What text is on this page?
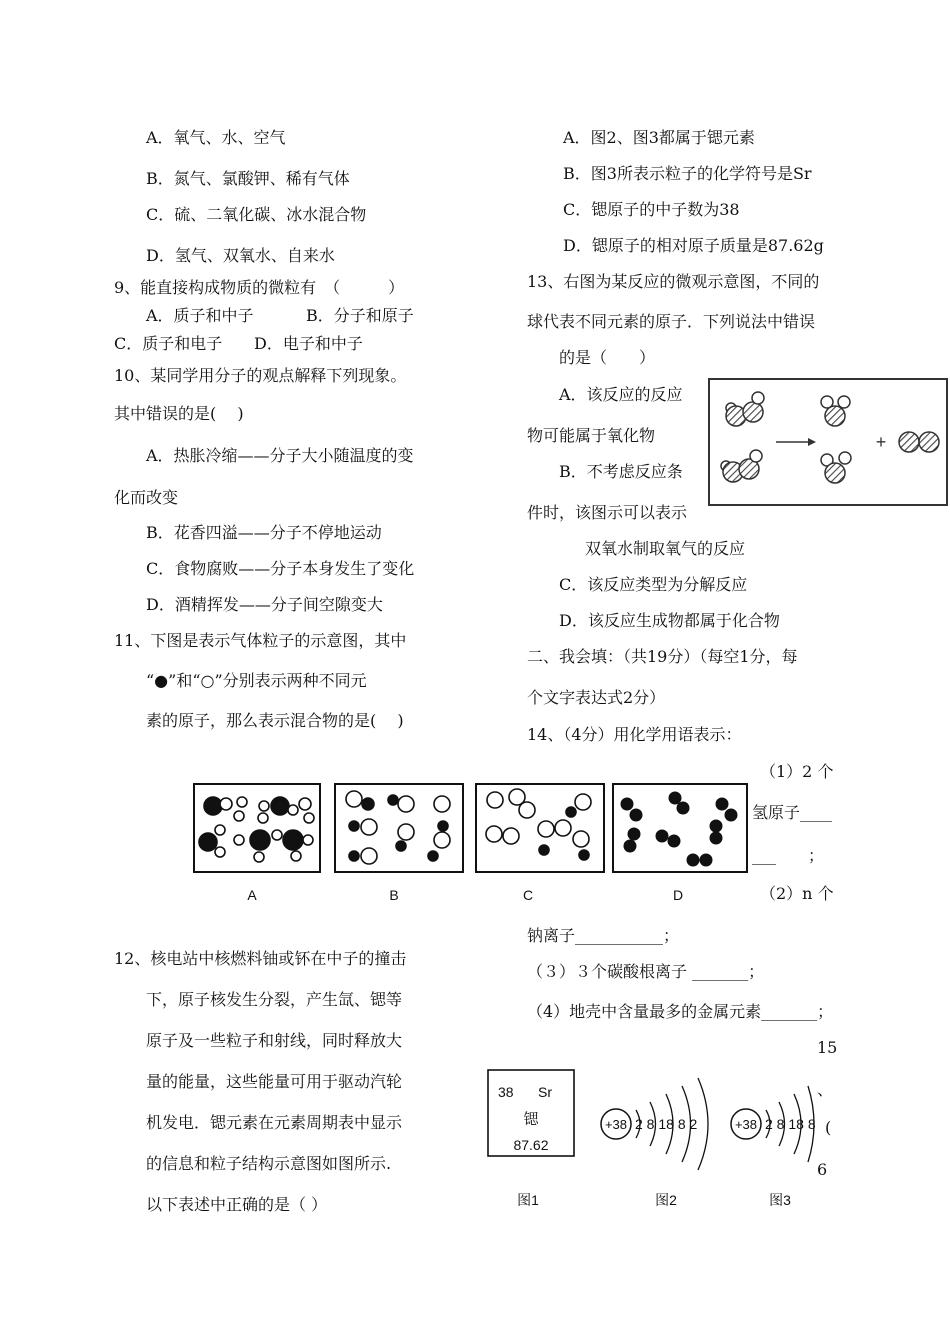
A．氧气、水、空气
B．氮气、氯酸钾、稀有气体
C．硫、二氧化碳、冰水混合物
D．氢气、双氧水、自来水
9、能直接构成物质的微粒有　（　　　）
A．质子和中子	B．分子和原子
C．质子和电子 D．电子和中子
10、某同学用分子的观点解释下列现象。
其中错误的是(　 )
A．热胀冷缩——分子大小随温度的变
化而改变
B．花香四溢——分子不停地运动
C．食物腐败——分子本身发生了变化
D．酒精挥发——分子间空隙变大
11、下图是表示气体粒子的示意图，其中
“●”和“○”分别表示两种不同元
素的原子，那么表示混合物的是(　 )
A	B	C	D
12、核电站中核燃料铀或钚在中子的撞击
下，原子核发生分裂，产生氙、锶等
原子及一些粒子和射线，同时释放大
量的能量，这些能量可用于驱动汽轮
机发电．锶元素在元素周期表中显示
的信息和粒子结构示意图如图所示.
以下表述中正确的是（ ）
A．图2、图3都属于锶元素
B．图3所表示粒子的化学符号是Sr
C．锶原子的中子数为38
D．锶原子的相对原子质量是87.62g
13、右图为某反应的微观示意图，不同的
球代表不同元素的原子．下列说法中错误
的是（　　）
A．该反应的反应
物可能属于氧化物
B．不考虑反应条
件时，该图示可以表示
双氧水制取氧气的反应
C．该反应类型为分解反应
D．该反应生成物都属于化合物
+
二、我会填：（共19分）（每空1分，每
个文字表达式2分）
14、（4分）用化学用语表示：
（1）2 个
氢原子____
___　　；
（2）n 个
钠离子___________；
（３）３个碳酸根离子 _______；
（4）地壳中含量最多的金属元素_______；
15
、
(
6
38 Sr
锶
87.62
图1
+38 2 8 18 8 2
图2
+38 2 8 18 8
图3
